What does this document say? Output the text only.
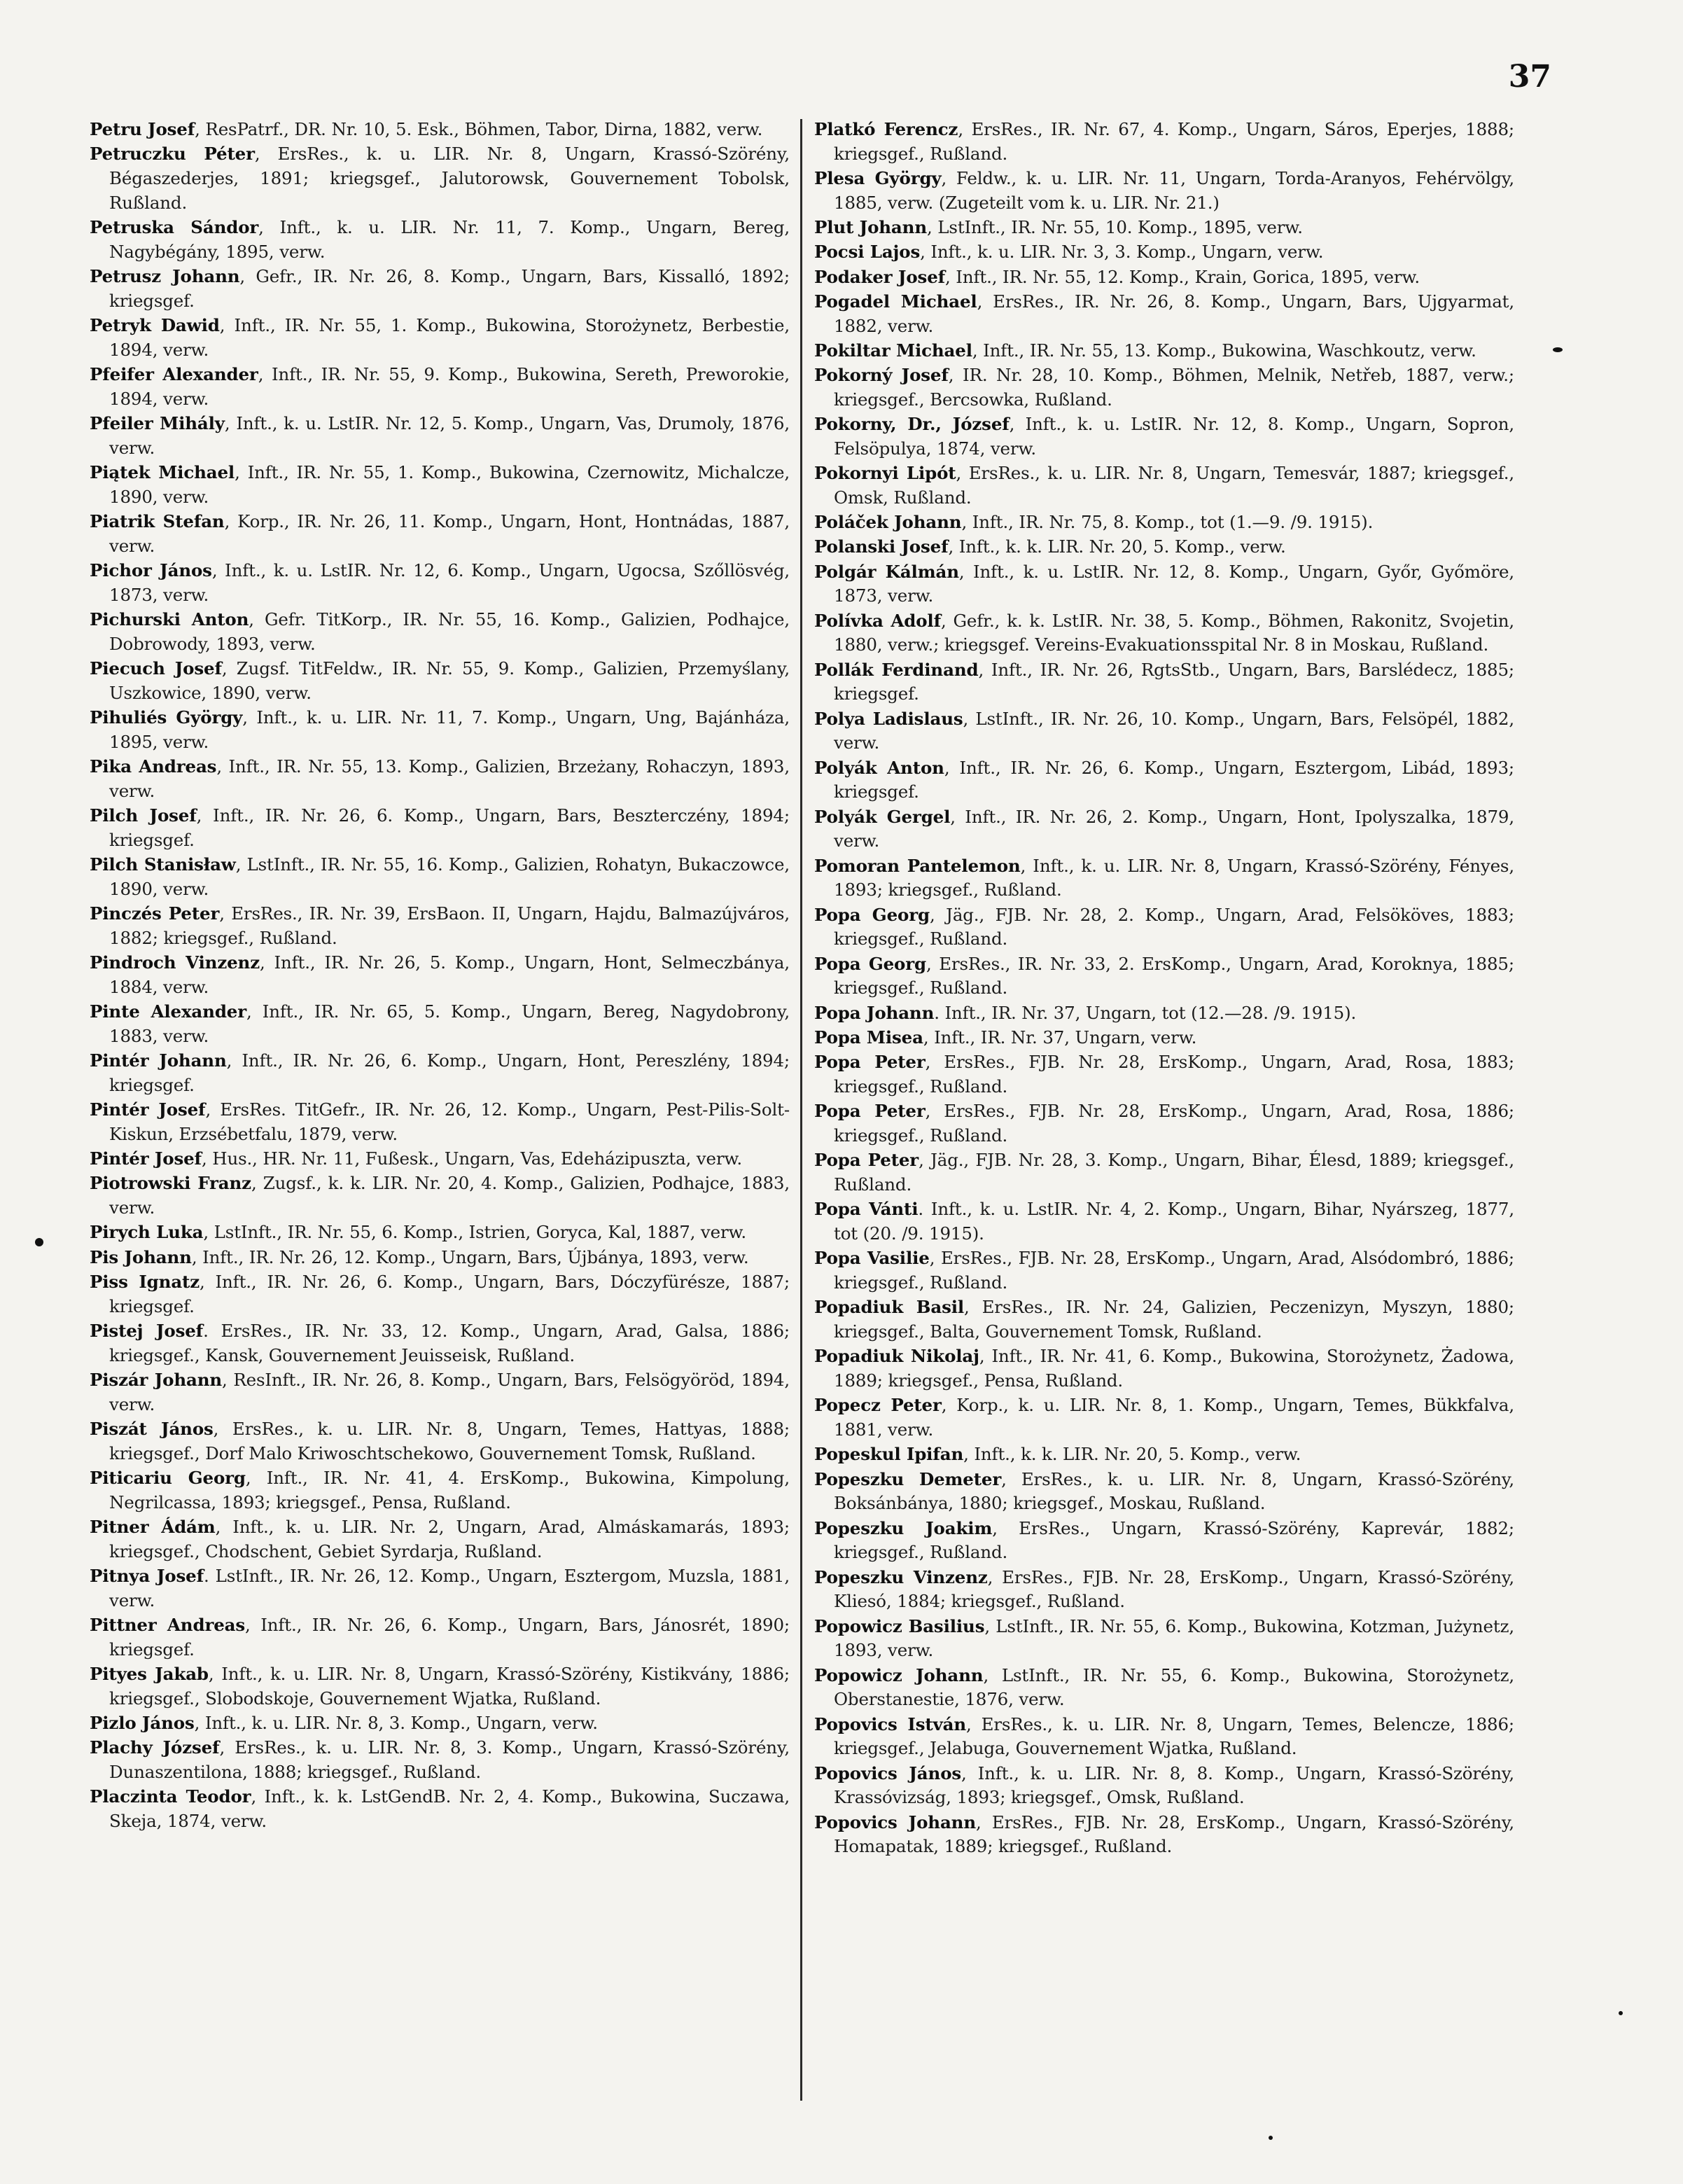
37

Petru Josef, ResPatrf., DR. Nr. 10, 5. Esk., Böhmen, Tabor, Dirna, 1882, verw.

Petruczku Péter, ErsRes., k. u. LIR. Nr. 8, Ungarn, Krassó-Szörény, Bégaszederjes, 1891; kriegsgef., Jalutorowsk, Gouvernement Tobolsk, Rußland.

Petruska Sándor, Inft., k. u. LIR. Nr. 11, 7. Komp., Ungarn, Bereg, Nagybégány, 1895, verw.

Petrusz Johann, Gefr., IR. Nr. 26, 8. Komp., Ungarn, Bars, Kissalló, 1892; kriegsgef.

Petryk Dawid, Inft., IR. Nr. 55, 1. Komp., Bukowina, Storożynetz, Berbestie, 1894, verw.

Pfeifer Alexander, Inft., IR. Nr. 55, 9. Komp., Bukowina, Sereth, Preworokie, 1894, verw.

Pfeiler Mihály, Inft., k. u. LstIR. Nr. 12, 5. Komp., Ungarn, Vas, Drumoly, 1876, verw.

Piątek Michael, Inft., IR. Nr. 55, 1. Komp., Bukowina, Czernowitz, Michalcze, 1890, verw.

Piatrik Stefan, Korp., IR. Nr. 26, 11. Komp., Ungarn, Hont, Hontnádas, 1887, verw.

Pichor János, Inft., k. u. LstIR. Nr. 12, 6. Komp., Ungarn, Ugocsa, Szőllösvég, 1873, verw.

Pichurski Anton, Gefr. TitKorp., IR. Nr. 55, 16. Komp., Galizien, Podhajce, Dobrowody, 1893, verw.

Piecuch Josef, Zugsf. TitFeldw., IR. Nr. 55, 9. Komp., Galizien, Przemyślany, Uszkowice, 1890, verw.

Pihuliés György, Inft., k. u. LIR. Nr. 11, 7. Komp., Ungarn, Ung, Bajánháza, 1895, verw.

Pika Andreas, Inft., IR. Nr. 55, 13. Komp., Galizien, Brzeżany, Rohaczyn, 1893, verw.

Pilch Josef, Inft., IR. Nr. 26, 6. Komp., Ungarn, Bars, Beszterczény, 1894; kriegsgef.

Pilch Stanisław, LstInft., IR. Nr. 55, 16. Komp., Galizien, Rohatyn, Bukaczowce, 1890, verw.

Pinczés Peter, ErsRes., IR. Nr. 39, ErsBaon. II, Ungarn, Hajdu, Balmazújváros, 1882; kriegsgef., Rußland.

Pindroch Vinzenz, Inft., IR. Nr. 26, 5. Komp., Ungarn, Hont, Selmeczbánya, 1884, verw.

Pinte Alexander, Inft., IR. Nr. 65, 5. Komp., Ungarn, Bereg, Nagydobrony, 1883, verw.

Pintér Johann, Inft., IR. Nr. 26, 6. Komp., Ungarn, Hont, Pereszlény, 1894; kriegsgef.

Pintér Josef, ErsRes. TitGefr., IR. Nr. 26, 12. Komp., Ungarn, Pest-Pilis-Solt-Kiskun, Erzsébetfalu, 1879, verw.

Pintér Josef, Hus., HR. Nr. 11, Fußesk., Ungarn, Vas, Edeházipuszta, verw.

Piotrowski Franz, Zugsf., k. k. LIR. Nr. 20, 4. Komp., Galizien, Podhajce, 1883, verw.

Pirych Luka, LstInft., IR. Nr. 55, 6. Komp., Istrien, Goryca, Kal, 1887, verw.

Pis Johann, Inft., IR. Nr. 26, 12. Komp., Ungarn, Bars, Újbánya, 1893, verw.

Piss Ignatz, Inft., IR. Nr. 26, 6. Komp., Ungarn, Bars, Dóczyfürésze, 1887; kriegsgef.

Pistej Josef. ErsRes., IR. Nr. 33, 12. Komp., Ungarn, Arad, Galsa, 1886; kriegsgef., Kansk, Gouvernement Jeuisseisk, Rußland.

Piszár Johann, ResInft., IR. Nr. 26, 8. Komp., Ungarn, Bars, Felsögyöröd, 1894, verw.

Piszát János, ErsRes., k. u. LIR. Nr. 8, Ungarn, Temes, Hattyas, 1888; kriegsgef., Dorf Malo Kriwoschtschekowo, Gouvernement Tomsk, Rußland.

Piticariu Georg, Inft., IR. Nr. 41, 4. ErsKomp., Bukowina, Kimpolung, Negrilcassa, 1893; kriegsgef., Pensa, Rußland.

Pitner Ádám, Inft., k. u. LIR. Nr. 2, Ungarn, Arad, Almáskamarás, 1893; kriegsgef., Chodschent, Gebiet Syrdarja, Rußland.

Pitnya Josef. LstInft., IR. Nr. 26, 12. Komp., Ungarn, Esztergom, Muzsla, 1881, verw.

Pittner Andreas, Inft., IR. Nr. 26, 6. Komp., Ungarn, Bars, Jánosrét, 1890; kriegsgef.

Pityes Jakab, Inft., k. u. LIR. Nr. 8, Ungarn, Krassó-Szörény, Kistikvány, 1886; kriegsgef., Slobodskoje, Gouvernement Wjatka, Rußland.

Pizlo János, Inft., k. u. LIR. Nr. 8, 3. Komp., Ungarn, verw.

Plachy József, ErsRes., k. u. LIR. Nr. 8, 3. Komp., Ungarn, Krassó-Szörény, Dunaszentilona, 1888; kriegsgef., Rußland.

Placzinta Teodor, Inft., k. k. LstGendB. Nr. 2, 4. Komp., Bukowina, Suczawa, Skeja, 1874, verw.

Platkó Ferencz, ErsRes., IR. Nr. 67, 4. Komp., Ungarn, Sáros, Eperjes, 1888; kriegsgef., Rußland.

Plesa György, Feldw., k. u. LIR. Nr. 11, Ungarn, Torda-Aranyos, Fehérvölgy, 1885, verw. (Zugeteilt vom k. u. LIR. Nr. 21.)

Plut Johann, LstInft., IR. Nr. 55, 10. Komp., 1895, verw.

Pocsi Lajos, Inft., k. u. LIR. Nr. 3, 3. Komp., Ungarn, verw.

Podaker Josef, Inft., IR. Nr. 55, 12. Komp., Krain, Gorica, 1895, verw.

Pogadel Michael, ErsRes., IR. Nr. 26, 8. Komp., Ungarn, Bars, Ujgyarmat, 1882, verw.

Pokiltar Michael, Inft., IR. Nr. 55, 13. Komp., Bukowina, Waschkoutz, verw.

Pokorný Josef, IR. Nr. 28, 10. Komp., Böhmen, Melnik, Netřeb, 1887, verw.; kriegsgef., Bercsowka, Rußland.

Pokorny, Dr., József, Inft., k. u. LstIR. Nr. 12, 8. Komp., Ungarn, Sopron, Felsöpulya, 1874, verw.

Pokornyi Lipót, ErsRes., k. u. LIR. Nr. 8, Ungarn, Temesvár, 1887; kriegsgef., Omsk, Rußland.

Poláček Johann, Inft., IR. Nr. 75, 8. Komp., tot (1.—9. /9. 1915).

Polanski Josef, Inft., k. k. LIR. Nr. 20, 5. Komp., verw.

Polgár Kálmán, Inft., k. u. LstIR. Nr. 12, 8. Komp., Ungarn, Győr, Győmöre, 1873, verw.

Polívka Adolf, Gefr., k. k. LstIR. Nr. 38, 5. Komp., Böhmen, Rakonitz, Svojetin, 1880, verw.; kriegsgef. Vereins-Evakuationsspital Nr. 8 in Moskau, Rußland.

Pollák Ferdinand, Inft., IR. Nr. 26, RgtsStb., Ungarn, Bars, Barslédecz, 1885; kriegsgef.

Polya Ladislaus, LstInft., IR. Nr. 26, 10. Komp., Ungarn, Bars, Felsöpél, 1882, verw.

Polyák Anton, Inft., IR. Nr. 26, 6. Komp., Ungarn, Esztergom, Libád, 1893; kriegsgef.

Polyák Gergel, Inft., IR. Nr. 26, 2. Komp., Ungarn, Hont, Ipolyszalka, 1879, verw.

Pomoran Pantelemon, Inft., k. u. LIR. Nr. 8, Ungarn, Krassó-Szörény, Fényes, 1893; kriegsgef., Rußland.

Popa Georg, Jäg., FJB. Nr. 28, 2. Komp., Ungarn, Arad, Felsököves, 1883; kriegsgef., Rußland.

Popa Georg, ErsRes., IR. Nr. 33, 2. ErsKomp., Ungarn, Arad, Koroknya, 1885; kriegsgef., Rußland.

Popa Johann. Inft., IR. Nr. 37, Ungarn, tot (12.—28. /9. 1915).

Popa Misea, Inft., IR. Nr. 37, Ungarn, verw.

Popa Peter, ErsRes., FJB. Nr. 28, ErsKomp., Ungarn, Arad, Rosa, 1883; kriegsgef., Rußland.

Popa Peter, ErsRes., FJB. Nr. 28, ErsKomp., Ungarn, Arad, Rosa, 1886; kriegsgef., Rußland.

Popa Peter, Jäg., FJB. Nr. 28, 3. Komp., Ungarn, Bihar, Élesd, 1889; kriegsgef., Rußland.

Popa Vánti. Inft., k. u. LstIR. Nr. 4, 2. Komp., Ungarn, Bihar, Nyárszeg, 1877, tot (20. /9. 1915).

Popa Vasilie, ErsRes., FJB. Nr. 28, ErsKomp., Ungarn, Arad, Alsódombró, 1886; kriegsgef., Rußland.

Popadiuk Basil, ErsRes., IR. Nr. 24, Galizien, Peczenizyn, Myszyn, 1880; kriegsgef., Balta, Gouvernement Tomsk, Rußland.

Popadiuk Nikolaj, Inft., IR. Nr. 41, 6. Komp., Bukowina, Storożynetz, Żadowa, 1889; kriegsgef., Pensa, Rußland.

Popecz Peter, Korp., k. u. LIR. Nr. 8, 1. Komp., Ungarn, Temes, Bükkfalva, 1881, verw.

Popeskul Ipifan, Inft., k. k. LIR. Nr. 20, 5. Komp., verw.

Popeszku Demeter, ErsRes., k. u. LIR. Nr. 8, Ungarn, Krassó-Szörény, Boksánbánya, 1880; kriegsgef., Moskau, Rußland.

Popeszku Joakim, ErsRes., Ungarn, Krassó-Szörény, Kaprevár, 1882; kriegsgef., Rußland.

Popeszku Vinzenz, ErsRes., FJB. Nr. 28, ErsKomp., Ungarn, Krassó-Szörény, Kliesó, 1884; kriegsgef., Rußland.

Popowicz Basilius, LstInft., IR. Nr. 55, 6. Komp., Bukowina, Kotzman, Jużynetz, 1893, verw.

Popowicz Johann, LstInft., IR. Nr. 55, 6. Komp., Bukowina, Storożynetz, Oberstanestie, 1876, verw.

Popovics István, ErsRes., k. u. LIR. Nr. 8, Ungarn, Temes, Belencze, 1886; kriegsgef., Jelabuga, Gouvernement Wjatka, Rußland.

Popovics János, Inft., k. u. LIR. Nr. 8, 8. Komp., Ungarn, Krassó-Szörény, Krassóvizság, 1893; kriegsgef., Omsk, Rußland.

Popovics Johann, ErsRes., FJB. Nr. 28, ErsKomp., Ungarn, Krassó-Szörény, Homapatak, 1889; kriegsgef., Rußland.
